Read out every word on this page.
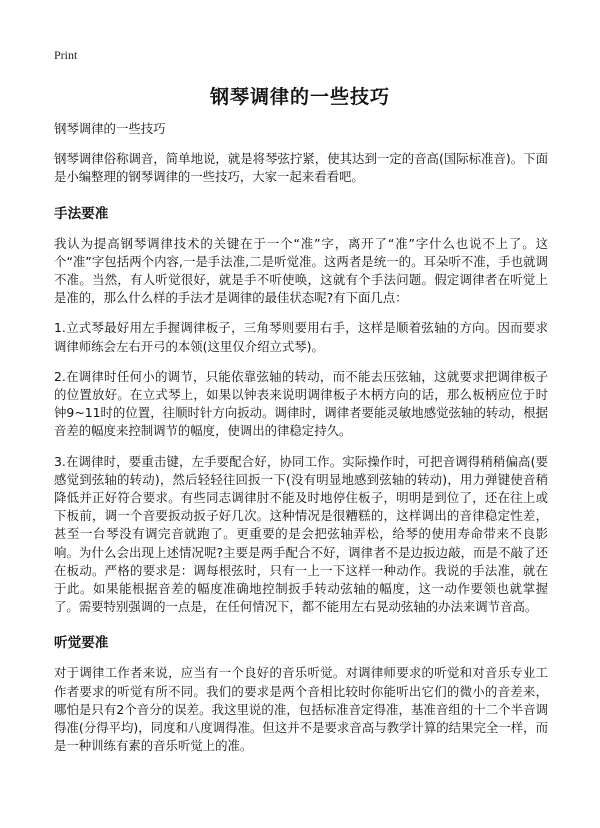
Print
钢琴调律的一些技巧
钢琴调律的一些技巧

钢琴调律俗称调音，简单地说，就是将琴弦拧紧，使其达到一定的音高(国际标准音)。下面是小编整理的钢琴调律的一些技巧，大家一起来看看吧。

手法要准

我认为提高钢琴调律技术的关键在于一个“准”字，离开了“准”字什么也说不上了。这个“准”字包括两个内容,一是手法准,二是听觉准。这两者是统一的。耳朵听不准，手也就调不准。当然，有人听觉很好，就是手不听使唤，这就有个手法问题。假定调律者在听觉上是准的，那么什么样的手法才是调律的最佳状态呢?有下面几点：

1.立式琴最好用左手握调律板子，三角琴则要用右手，这样是顺着弦轴的方向。因而要求调律师练会左右开弓的本领(这里仅介绍立式琴)。

2.在调律时任何小的调节，只能依靠弦轴的转动，而不能去压弦轴，这就要求把调律板子的位置放好。在立式琴上，如果以钟表来说明调律板子木柄方向的话，那么板柄应位于时钟9~11时的位置，往顺时针方向扳动。调律时，调律者要能灵敏地感觉弦轴的转动，根据音差的幅度来控制调节的幅度，使调出的律稳定持久。

3.在调律时，要重击键，左手要配合好，协同工作。实际操作时，可把音调得稍稍偏高(要感觉到弦轴的转动)，然后轻轻往回扳一下(没有明显地感到弦轴的转动)，用力弹键使音稍降低并正好符合要求。有些同志调律肘不能及时地停住板子，明明是到位了，还在往上或下板前，调一个音要扳动扳子好几次。这种情况是很糟糕的，这样调出的音律稳定性差，甚至一台琴没有调完音就跑了。更重要的是会把弦轴弄松，给琴的使用寿命带来不良影响。为什么会出现上述情况呢?主要是两手配合不好，调律者不是边扳边敲，而是不敲了还在板动。严格的要求是：调每根弦时，只有一上一下这样一种动作。我说的手法准，就在于此。如果能根据音差的幅度准确地控制扳手转动弦轴的幅度，这一动作要领也就掌握了。需要特别强调的一点是，在任何情况下，都不能用左右晃动弦轴的办法来调节音高。

听觉要准

对于调律工作者来说，应当有一个良好的音乐听觉。对调律师要求的听觉和对音乐专业工作者要求的听觉有所不同。我们的要求是两个音相比较时你能听出它们的微小的音差来，哪怕是只有2个音分的误差。我这里说的准，包括标准音定得准，基准音组的十二个半音调得准(分得平均)，同度和八度调得准。但这并不是要求音高与教学计算的结果完全一样，而是一种训练有素的音乐听觉上的准。
